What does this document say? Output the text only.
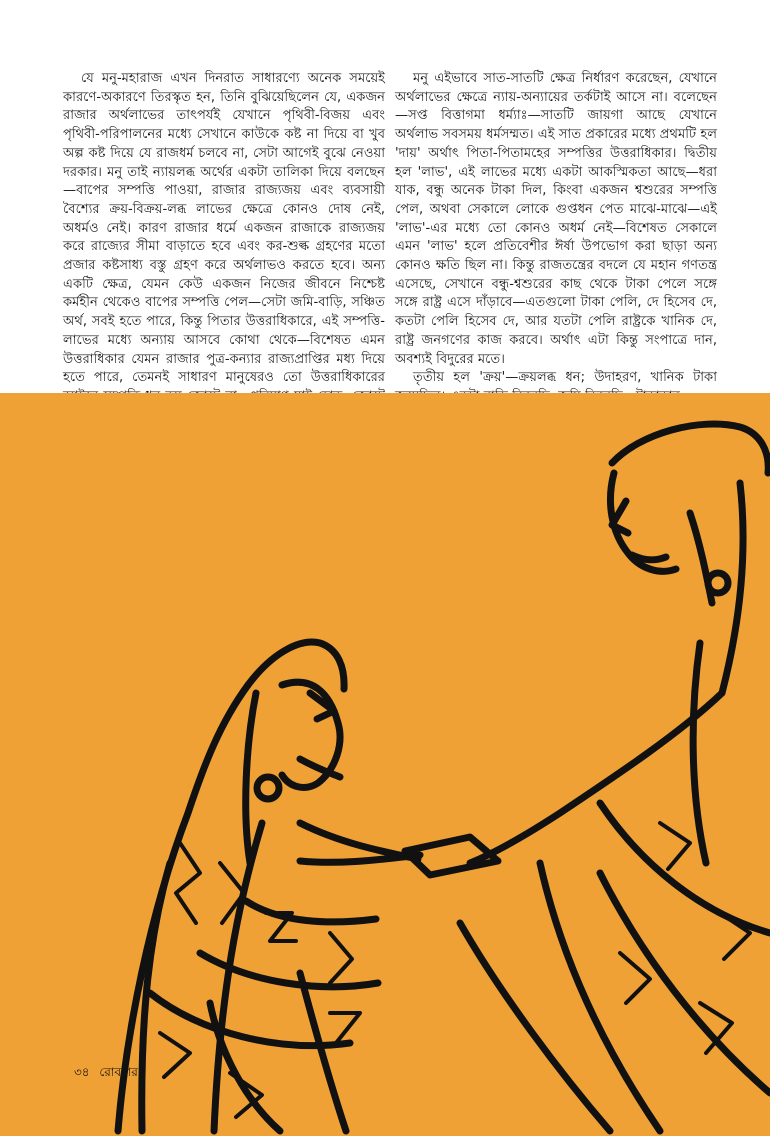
যে মনু-মহারাজ এখন দিনরাত সাধারণ্যে অনেক সময়েই কারণে-অকারণে তিরস্কৃত হন, তিনি বুঝিয়েছিলেন যে, একজন রাজার অর্থলাভের তাৎপর্যই যেখানে পৃথিবী-বিজয় এবং পৃথিবী-পরিপালনের মধ্যে সেখানে কাউকে কষ্ট না দিয়ে বা খুব অল্প কষ্ট দিয়ে যে রাজধর্ম চলবে না, সেটা আগেই বুঝে নেওয়া দরকার। মনু তাই ন্যায়লব্ধ অর্থের একটা তালিকা দিয়ে বলছেন—বাপের সম্পত্তি পাওয়া, রাজার রাজ্যজয় এবং ব্যবসায়ী বৈশ্যের ক্রয়-বিক্রয়-লব্ধ লাভের ক্ষেত্রে কোনও দোষ নেই, অধর্মও নেই। কারণ রাজার ধর্মে একজন রাজাকে রাজ্যজয় করে রাজ্যের সীমা বাড়াতে হবে এবং কর-শুল্ক গ্রহণের মতো প্রজার কষ্টসাধ্য বস্তু গ্রহণ করে অর্থলাভও করতে হবে। অন্য একটি ক্ষেত্র, যেমন কেউ একজন নিজের জীবনে নিশ্চেষ্ট কর্মহীন থেকেও বাপের সম্পত্তি পেল—সেটা জমি-বাড়ি, সঞ্চিত অর্থ, সবই হতে পারে, কিন্তু পিতার উত্তরাধিকারে, এই সম্পত্তি-লাভের মধ্যে অন্যায় আসবে কোথা থেকে—বিশেষত এমন উত্তরাধিকার যেমন রাজার পুত্র-কন্যার রাজ্যপ্রাপ্তির মধ্য দিয়ে হতে পারে, তেমনই সাধারণ মানুষেরও তো উত্তরাধিকারের

মনু এইভাবে সাত-সাতটি ক্ষেত্র নির্ধারণ করেছেন, যেখানে অর্থলাভের ক্ষেত্রে ন্যায়-অন্যায়ের তর্কটাই আসে না। বলেছেন—সপ্ত বিত্তাগমা ধর্ম্যাঃ—সাতটি জায়গা আছে যেখানে অর্থলাভ সবসময় ধর্মসম্মত। এই সাত প্রকারের মধ্যে প্রথমটি হল 'দায়' অর্থাৎ পিতা-পিতামহের সম্পত্তির উত্তরাধিকার। দ্বিতীয় হল 'লাভ', এই লাভের মধ্যে একটা আকস্মিকতা আছে—ধরা যাক, বন্ধু অনেক টাকা দিল, কিংবা একজন শ্বশুরের সম্পত্তি পেল, অথবা সেকালে লোকে গুপ্তধন পেত মাঝে-মাঝে—এই 'লাভ'-এর মধ্যে তো কোনও অধর্ম নেই—বিশেষত সেকালে এমন 'লাভ' হলে প্রতিবেশীর ঈর্ষা উপভোগ করা ছাড়া অন্য কোনও ক্ষতি ছিল না। কিন্তু রাজতন্ত্রের বদলে যে মহান গণতন্ত্র এসেছে, সেখানে বন্ধু-শ্বশুরের কাছ থেকে টাকা পেলে সঙ্গে সঙ্গে রাষ্ট্র এসে দাঁড়াবে—এতগুলো টাকা পেলি, দে হিসেব দে, কতটা পেলি হিসেব দে, আর যতটা পেলি রাষ্ট্রকে খানিক দে, রাষ্ট্র জনগণের কাজ করবে। অর্থাৎ এটা কিন্তু সংপাত্রে দান, অবশ্যই বিদুরের মতে।

তৃতীয় হল 'ক্রয়'—ক্রয়লব্ধ ধন; উদাহরণ, খানিক টাকা

৩৪ রোববার
